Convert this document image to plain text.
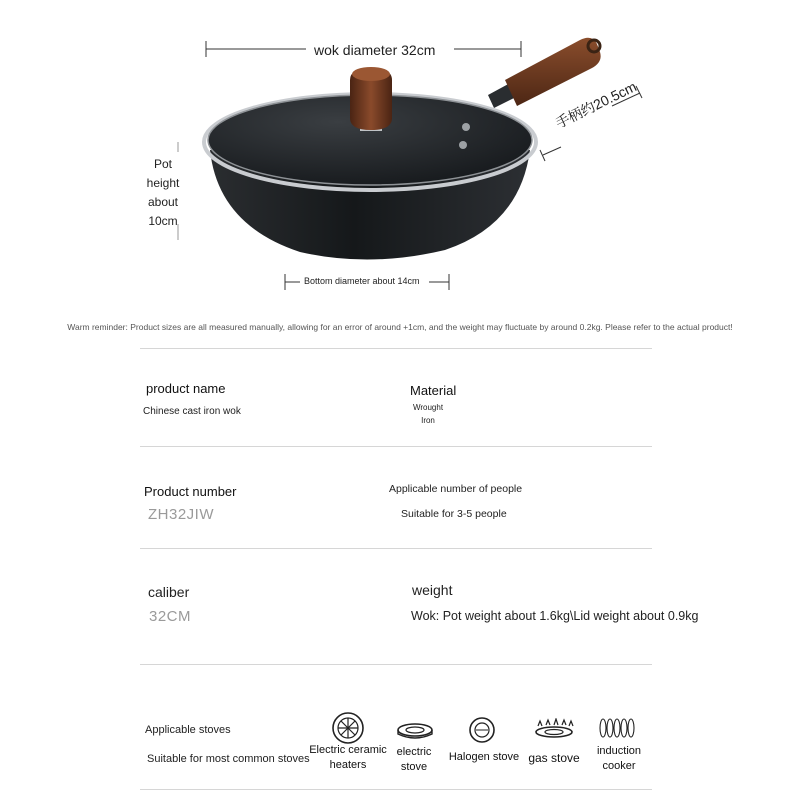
wok diameter 32cm
手柄约20.5cm
Pot
height
about
10cm
Bottom diameter about 14cm
Warm reminder: Product sizes are all measured manually, allowing for an error of around +1cm, and the weight may fluctuate by around 0.2kg. Please refer to the actual product!
product name
Chinese cast iron wok
Material
Wrought
Iron
Product number
ZH32JIW
Applicable number of people
Suitable for 3-5 people
caliber
32CM
weight
Wok: Pot weight about 1.6kg\Lid weight about 0.9kg
Applicable stoves
Suitable for most common stoves
Electric ceramic
heaters
electric
stove
Halogen stove gas stove	induction
cooker
